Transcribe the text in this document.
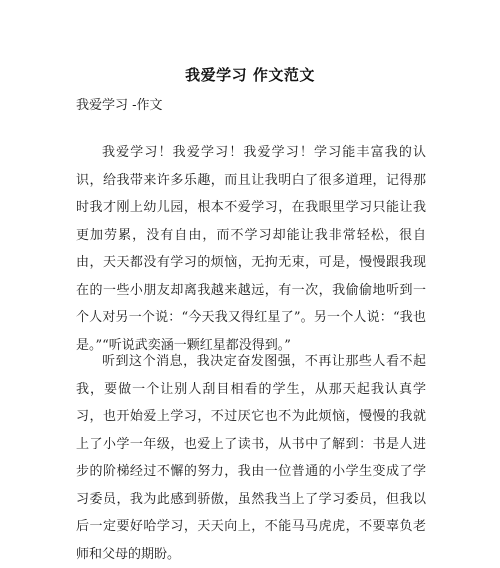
我爱学习 作文范文
我爱学习 -作文
我爱学习！我爱学习！我爱学习！学习能丰富我的认识，给我带来许多乐趣，而且让我明白了很多道理，记得那时我才刚上幼儿园，根本不爱学习，在我眼里学习只能让我更加劳累，没有自由，而不学习却能让我非常轻松，很自由，天天都没有学习的烦恼，无拘无束，可是，慢慢跟我现在的一些小朋友却离我越来越远，有一次，我偷偷地听到一个人对另一个说：“今天我又得红星了”。另一个人说：“我也是。”“听说武奕涵一颗红星都没得到。”
听到这个消息，我决定奋发图强，不再让那些人看不起我，要做一个让别人刮目相看的学生，从那天起我认真学习，也开始爱上学习，不过厌它也不为此烦恼，慢慢的我就上了小学一年级，也爱上了读书，从书中了解到：书是人进步的阶梯经过不懈的努力，我由一位普通的小学生变成了学习委员，我为此感到骄傲，虽然我当上了学习委员，但我以后一定要好哈学习，天天向上，不能马马虎虎，不要辜负老师和父母的期盼。
